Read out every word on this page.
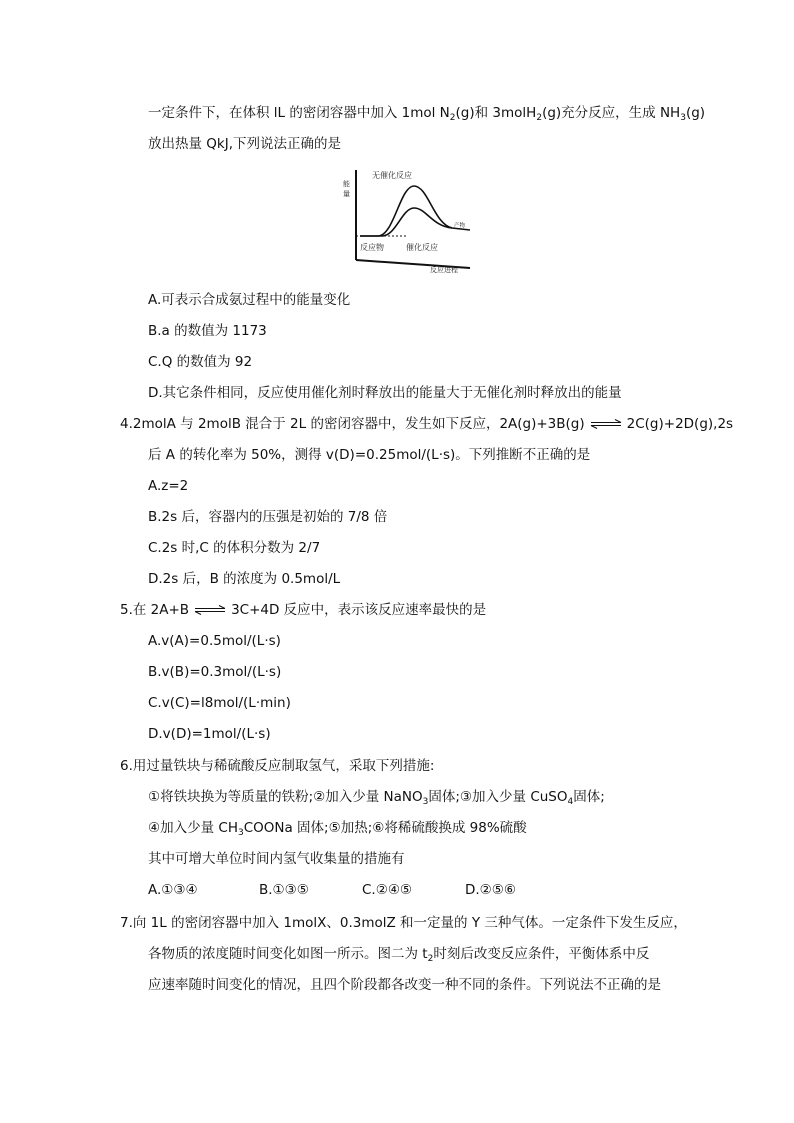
一定条件下，在体积 lL 的密闭容器中加入 1mol $N_2(g)$和 3molH$_2$(g)充分反应，生成 $NH_3(g)$
放出热量 QkJ,下列说法正确的是
能量
无催化反应
反应物	催化反应
产物
反应进程
A.可表示合成氨过程中的能量变化
B.a 的数值为 1173
C.Q 的数值为 92
D.其它条件相同，反应使用催化剂时释放出的能量大于无催化剂时释放出的能量
4.2molA 与 2molB 混合于 2L 的密闭容器中，发生如下反应，2A(g)+3B(g) ⇌ 2C(g)+2D(g),2s
后 A 的转化率为 50%，测得 v(D)=0.25mol/(L·s)。下列推断不正确的是
A.z=2
B.2s 后，容器内的压强是初始的 7/8 倍
C.2s 时,C 的体积分数为 2/7
D.2s 后，B 的浓度为 0.5mol/L
5.在 2A+B ⇌ 3C+4D 反应中，表示该反应速率最快的是
A.v(A)=0.5mol/(L·s)
B.v(B)=0.3mol/(L·s)
C.v(C)=l8mol/(L·min)
D.v(D)=1mol/(L·s)
6.用过量铁块与稀硫酸反应制取氢气，采取下列措施:
①将铁块换为等质量的铁粉;②加入少量 NaNO$_3$固体;③加入少量 CuSO$_4$固体;
④加入少量 $CH_3COONa$ 固体;⑤加热;⑥将稀硫酸换成 98%硫酸
其中可增大单位时间内氢气收集量的措施有
A.①③④	B.①③⑤	C.②④⑤	D.②⑤⑥
7.向 1L 的密闭容器中加入 1molX、0.3molZ 和一定量的 Y 三种气体。一定条件下发生反应，
各物质的浓度随时间变化如图一所示。图二为 $t_2$时刻后改变反应条件，平衡体系中反
应速率随时间变化的情况，且四个阶段都各改变一种不同的条件。下列说法不正确的是
